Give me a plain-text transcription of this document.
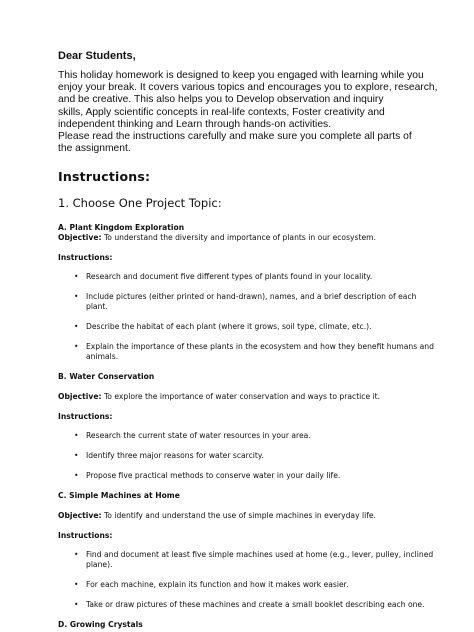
Dear Students,

This holiday homework is designed to keep you engaged with learning while you
enjoy your break. It covers various topics and encourages you to explore, research,
and be creative. This also helps you to Develop observation and inquiry
skills, Apply scientific concepts in real-life contexts, Foster creativity and
independent thinking and Learn through hands-on activities.
Please read the instructions carefully and make sure you complete all parts of
the assignment.

Instructions:

1. Choose One Project Topic:

A. Plant Kingdom Exploration

Objective: To understand the diversity and importance of plants in our ecosystem.

Instructions:

• Research and document five different types of plants found in your locality.
• Include pictures (either printed or hand-drawn), names, and a brief description of each plant.
• Describe the habitat of each plant (where it grows, soil type, climate, etc.).
• Explain the importance of these plants in the ecosystem and how they benefit humans and animals.

B. Water Conservation

Objective: To explore the importance of water conservation and ways to practice it.

Instructions:

• Research the current state of water resources in your area.
• Identify three major reasons for water scarcity.
• Propose five practical methods to conserve water in your daily life.

C. Simple Machines at Home

Objective: To identify and understand the use of simple machines in everyday life.

Instructions:

• Find and document at least five simple machines used at home (e.g., lever, pulley, inclined plane).
• For each machine, explain its function and how it makes work easier.
• Take or draw pictures of these machines and create a small booklet describing each one.

D. Growing Crystals
